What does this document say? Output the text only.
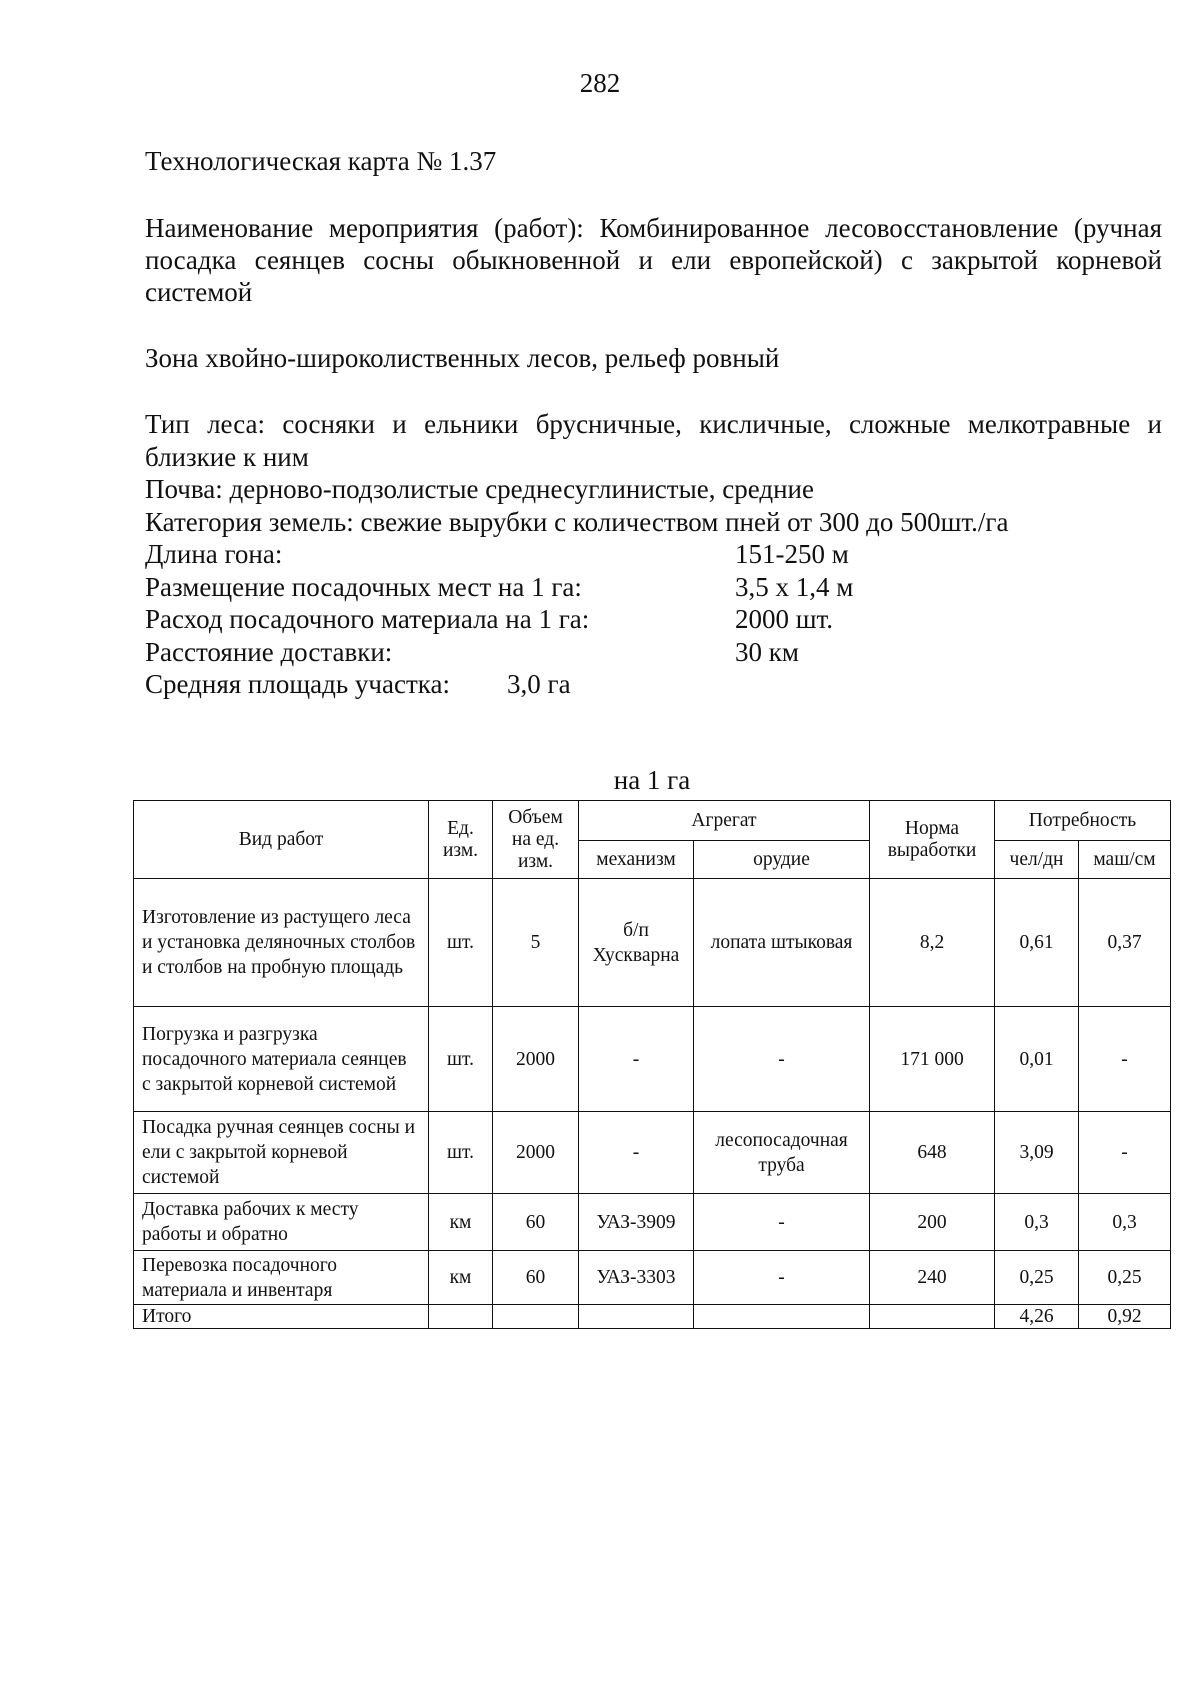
282
Технологическая карта № 1.37
Наименование мероприятия (работ): Комбинированное лесовосстановление (ручная посадка сеянцев сосны обыкновенной и ели европейской) с закрытой корневой системой
Зона хвойно-широколиственных лесов, рельеф ровный
Тип леса: сосняки и ельники брусничные, кисличные, сложные мелкотравные и близкие к ним
Почва: дерново-подзолистые среднесуглинистые, средние
Категория земель: свежие вырубки с количеством пней от 300 до 500шт./га
Длина гона:	151-250 м
Размещение посадочных мест на 1 га:	3,5 х 1,4 м
Расход посадочного материала на 1 га:	2000 шт.
Расстояние доставки:	30 км
Средняя площадь участка:	3,0 га
на 1 га
Вид работ	Ед. изм.	Объем на ед. изм.	Агрегат		Норма выработки	Потребность	
			механизм	орудие		чел/дн	маш/см
Изготовление из растущего леса и установка деляночных столбов и столбов на пробную площадь	шт.	5	б/п Хускварна	лопата штыковая	8,2	0,61	0,37
Погрузка и разгрузка посадочного материала сеянцев с закрытой корневой системой	шт.	2000	-	-	171 000	0,01	-
Посадка ручная сеянцев сосны и ели с закрытой корневой системой	шт.	2000	-	лесопосадочная труба	648	3,09	-
Доставка рабочих к месту работы и обратно	км	60	УАЗ-3909	-	200	0,3	0,3
Перевозка посадочного материала и инвентаря	км	60	УАЗ-3303	-	240	0,25	0,25
Итого						4,26	0,92
